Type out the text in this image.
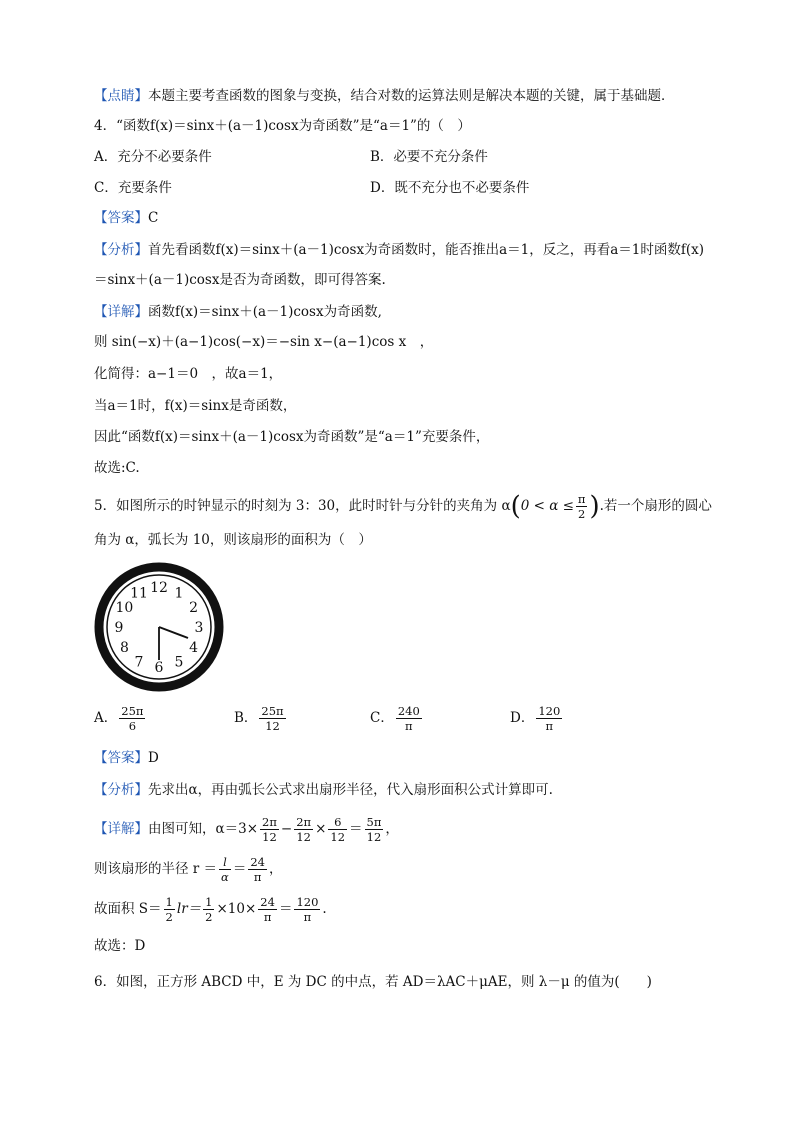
【点睛】本题主要考查函数的图象与变换，结合对数的运算法则是解决本题的关键，属于基础题．
4．“函数f(x)＝sinx＋(a－1)cosx为奇函数”是“a＝1”的（　）
A．充分不必要条件	B．必要不充分条件
C．充要条件	D．既不充分也不必要条件
【答案】C
【分析】首先看函数f(x)＝sinx＋(a－1)cosx为奇函数时，能否推出a＝1，反之，再看a＝1时函数f(x)
＝sinx＋(a－1)cosx是否为奇函数，即可得答案.
【详解】函数f(x)＝sinx＋(a－1)cosx为奇函数,
则 sin(−x)＋(a−1)cos(−x)＝−sin x−(a−1)cos x　，
化简得：a−1＝0　，故a＝1，
当a＝1时，f(x)＝sinx是奇函数，
因此“函数f(x)＝sinx＋(a－1)cosx为奇函数”是“a＝1”充要条件，
故选:C.
5．如图所示的时钟显示的时刻为 3：30，此时时针与分针的夹角为 $\alpha(0 < \alpha \le \frac{\pi}{2}$ ).若一个扇形的圆心
角为 α，弧长为 10，则该扇形的面积为（　）
12 1
2
3
4
5
6
7
8
9
10
11
A． $\frac{25\pi}{6}$	B． $\frac{25\pi}{12}$	C． $\frac{240}{\pi}$	D． $\frac{120}{\pi}$
【答案】D
【分析】先求出α，再由弧长公式求出扇形半径，代入扇形面积公式计算即可.
【详解】由图可知，$\alpha=3\times \frac{2\pi}{12} - \frac{2\pi}{12} \times \frac{6}{12} = \frac{5\pi}{12}$ ，
则该扇形的半径 $r = \frac{l}{\alpha} = \frac{24}{\pi}$ ，
故面积 $S= \frac{1}{2} lr= \frac{1}{2} \times 10\times \frac{24}{\pi} = \frac{120}{\pi}$ .
故选：D
6．如图，正方形 ABCD 中，E 为 DC 的中点，若 AD＝λAC＋μAE，则 λ－μ 的值为(　　)
